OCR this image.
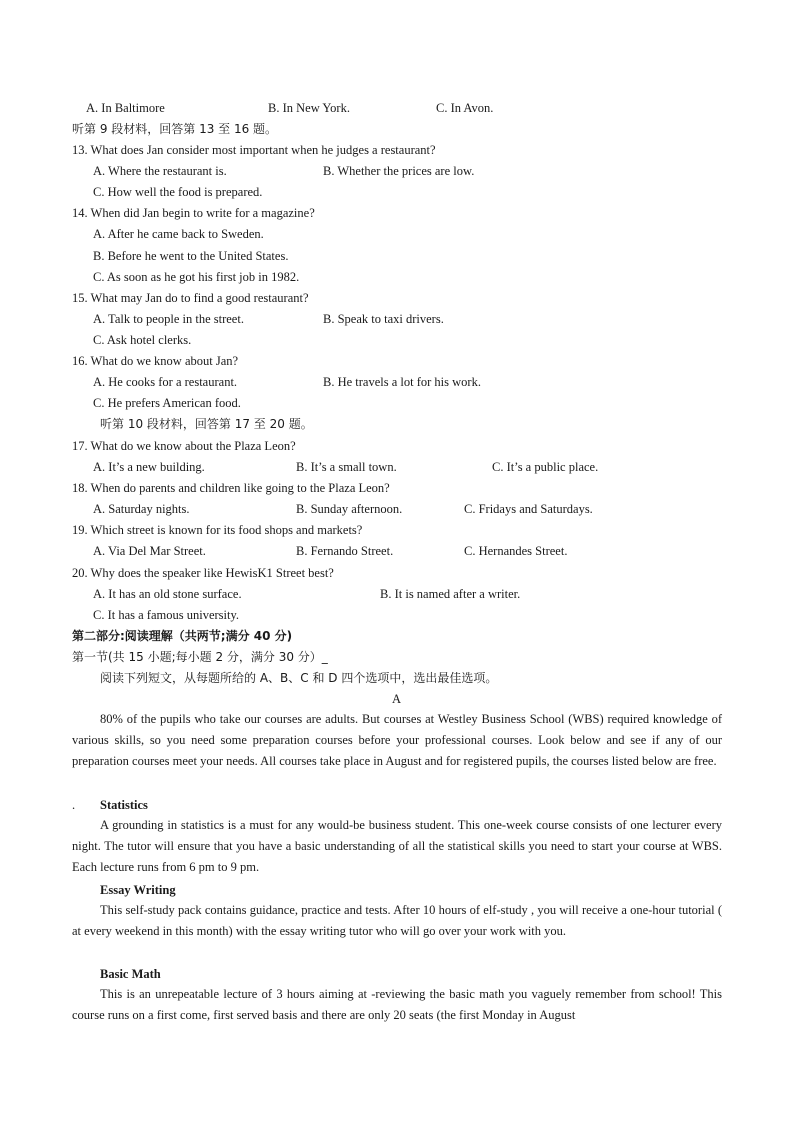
A. In Baltimore	B. In New York.	C. In Avon.
听第 9 段材料，回答第 13 至 16 题。
13. What does Jan consider most important when he judges a restaurant?
A. Where the restaurant is.	B. Whether the prices are low.
C. How well the food is prepared.
14. When did Jan begin to write for a magazine?
A. After he came back to Sweden.
B. Before he went to the United States.
C. As soon as he got his first job in 1982.
15. What may Jan do to find a good restaurant?
A. Talk to people in the street.	B. Speak to taxi drivers.
C. Ask hotel clerks.
16. What do we know about Jan?
A. He cooks for a restaurant.	B. He travels a lot for his work.
C. He prefers American food.
听第 10 段材料，回答第 17 至 20 题。
17. What do we know about the Plaza Leon?
A. It’s a new building.	B. It’s a small town.	C. It’s a public place.
18. When do parents and children like going to the Plaza Leon?
A. Saturday nights.	B. Sunday afternoon.	C. Fridays and Saturdays.
19. Which street is known for its food shops and markets?
A. Via Del Mar Street.	B. Fernando Street.	C. Hernandes Street.
20. Why does the speaker like HewisK1 Street best?
A. It has an old stone surface.	B. It is named after a writer.
C. It has a famous university.
第二部分:阅读理解（共两节;满分 40 分)
第一节(共 15 小题;每小题 2 分，满分 30 分）_
阅读下列短文，从每题所给的 A、B、C 和 D 四个选项中，选出最佳选项。
A
80% of the pupils who take our courses are adults. But courses at Westley Business School (WBS) required knowledge of various skills, so you need some preparation courses before your professional courses. Look below and see if any of our preparation courses meet your needs. All courses take place in August and for registered pupils, the courses listed below are free.
. Statistics
A grounding in statistics is a must for any would-be business student. This one-week course consists of one lecturer every night. The tutor will ensure that you have a basic understanding of all the statistical skills you need to start your course at WBS. Each lecture runs from 6 pm to 9 pm.
Essay Writing
This self-study pack contains guidance, practice and tests. After 10 hours of elf-study , you will receive a one-hour tutorial ( at every weekend in this month) with the essay writing tutor who will go over your work with you.
Basic Math
This is an unrepeatable lecture of 3 hours aiming at -reviewing the basic math you vaguely remember from school! This course runs on a first come, first served basis and there are only 20 seats (the first Monday in August
